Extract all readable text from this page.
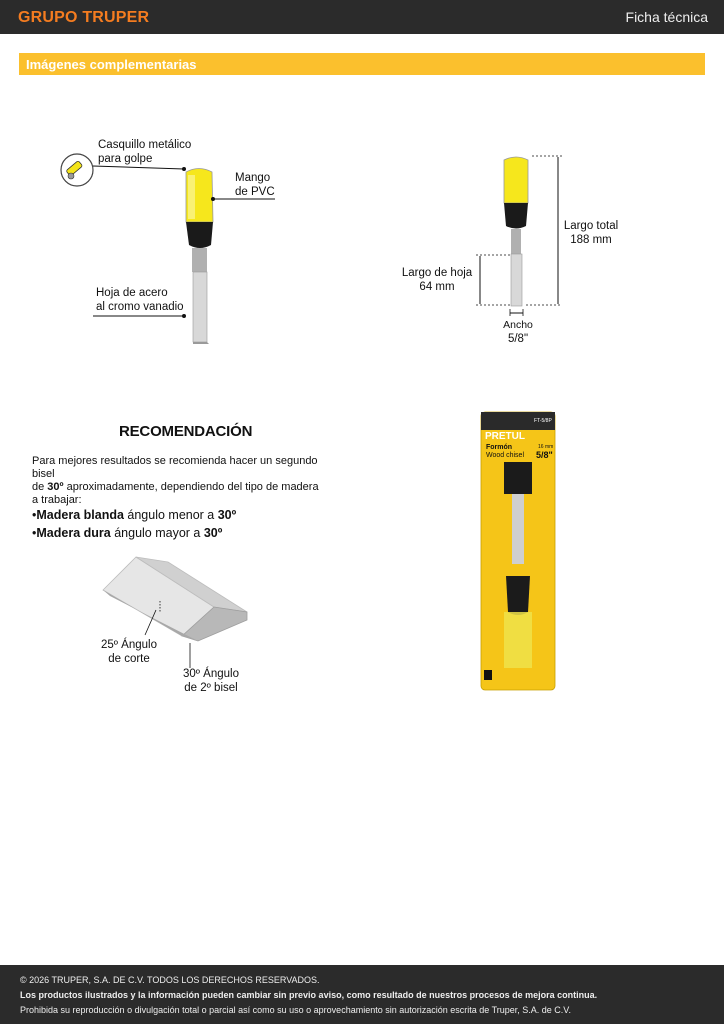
GRUPO TRUPER	Ficha técnica
Imágenes complementarias
Casquillo metálico
para golpe
Mango
de PVC
Hoja de acero
al cromo vanadio
Largo total
188 mm
Largo de hoja
64 mm
Ancho
5/8"
RECOMENDACIÓN
Para mejores resultados se recomienda hacer un segundo bisel
de 30º aproximadamente, dependiendo del tipo de madera
a trabajar:
•Madera blanda ángulo menor a 30º
•Madera dura ángulo mayor a 30º
25º Ángulo
de corte
30º Ángulo
de 2º bisel
PRETUL
FT-5/8P
Formón
Wood chisel
16 mm
5/8"
© 2026 TRUPER, S.A. DE C.V. TODOS LOS DERECHOS RESERVADOS.
Los productos ilustrados y la información pueden cambiar sin previo aviso, como resultado de nuestros procesos de mejora continua.
Prohibida su reproducción o divulgación total o parcial así como su uso o aprovechamiento sin autorización escrita de Truper, S.A. de C.V.
